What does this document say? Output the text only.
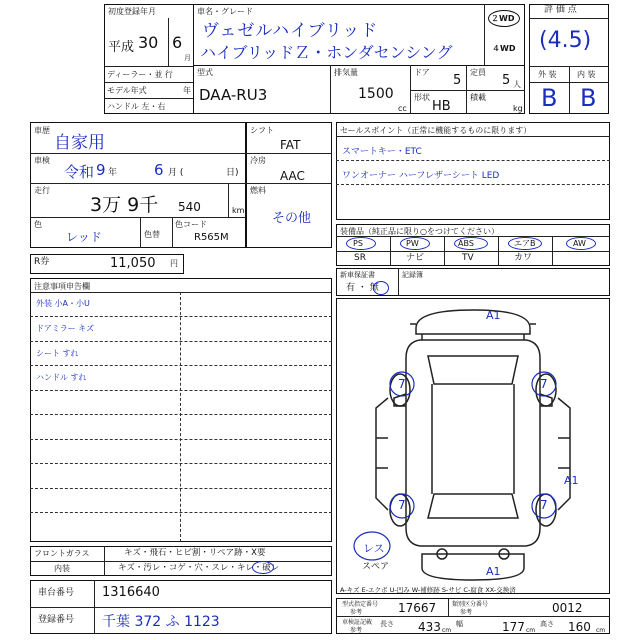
初度登録年月
平成 30 6
月
ディーラー・並 行
モデル年式	年
ハンドル 左・右
車名・グレード
ヴェゼルハイブリッド
ハイブリッドＺ・ホンダセンシング
２WD
４WD
評 価 点
(4.5)
外 装	内 装
B B
型式
DAA-RU3
排気量
1500
cc
ドア
5
定員
5 人
形状
HB
積載
kg
車歴
自家用
車検
令和 9 年 6 月 (	日)
走行
3万 9千 540	km
色
レッド	色替
色コード
R565M
シフト
FAT
冷房
AAC
燃料
その他
R券	11,050 円
注意事項申告欄
外装 小A・小U
ドアミラー キズ
シート すれ
ハンドル すれ
セールスポイント（正常に機能するものに限ります）
スマートキー・ETC
ワンオーナー ハーフレザーシート LED
装備品（純正品に限り○をつけてください）
PS	PW	ABS	エアB	AW
SR	ナビ	TV	カワ
新車保証書
有 ・ 無
記録簿
A1
7	7
A1
7	7
A1
レス
スペア
A-キズ E-エクボ U-凹み W-補修跡 S-サビ C-腐食 XX-交換済
フロントガラス	キズ・飛石・ヒビ割・リペア跡・X要
内装	キズ・汚レ・コゲ・穴・スレ・キレ・破レ
車台番号 1316640
登録番号 千葉 372 ふ 1123
型式指定番号
参考	17667	類別区分番号
参考	0012
車検証記載
参考
長さ 433 cm
幅	177 cm
高さ 160 cm
